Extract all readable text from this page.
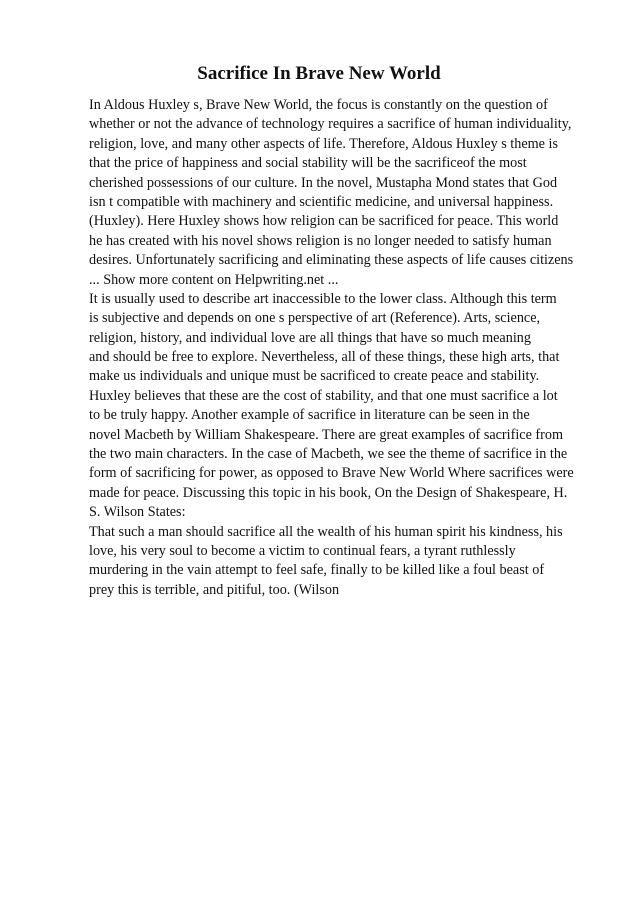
Sacrifice In Brave New World
In Aldous Huxley s, Brave New World, the focus is constantly on the question of
whether or not the advance of technology requires a sacrifice of human individuality,
religion, love, and many other aspects of life. Therefore, Aldous Huxley s theme is
that the price of happiness and social stability will be the sacrificeof the most
cherished possessions of our culture. In the novel, Mustapha Mond states that God
isn t compatible with machinery and scientific medicine, and universal happiness.
(Huxley). Here Huxley shows how religion can be sacrificed for peace. This world
he has created with his novel shows religion is no longer needed to satisfy human
desires. Unfortunately sacrificing and eliminating these aspects of life causes citizens
... Show more content on Helpwriting.net ...
It is usually used to describe art inaccessible to the lower class. Although this term
is subjective and depends on one s perspective of art (Reference). Arts, science,
religion, history, and individual love are all things that have so much meaning
and should be free to explore. Nevertheless, all of these things, these high arts, that
make us individuals and unique must be sacrificed to create peace and stability.
Huxley believes that these are the cost of stability, and that one must sacrifice a lot
to be truly happy. Another example of sacrifice in literature can be seen in the
novel Macbeth by William Shakespeare. There are great examples of sacrifice from
the two main characters. In the case of Macbeth, we see the theme of sacrifice in the
form of sacrificing for power, as opposed to Brave New World Where sacrifices were
made for peace. Discussing this topic in his book, On the Design of Shakespeare, H.
S. Wilson States:
That such a man should sacrifice all the wealth of his human spirit his kindness, his
love, his very soul to become a victim to continual fears, a tyrant ruthlessly
murdering in the vain attempt to feel safe, finally to be killed like a foul beast of
prey this is terrible, and pitiful, too. (Wilson
